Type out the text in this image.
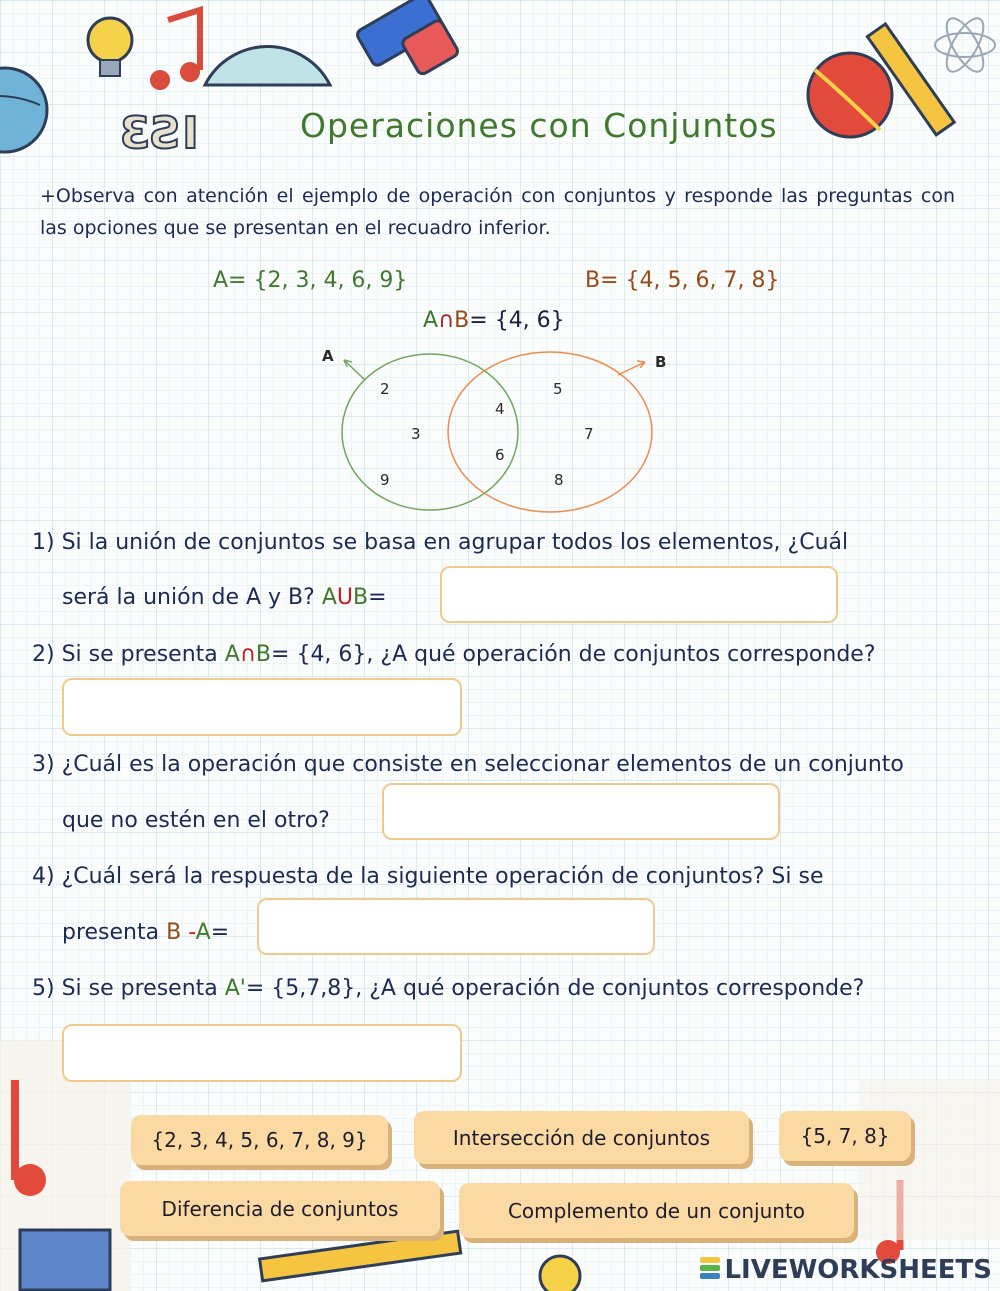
ƐƧI	Operaciones con Conjuntos
+Observa con atención el ejemplo de operación con conjuntos y responde las preguntas con las opciones que se presentan en el recuadro inferior.
A= {2, 3, 4, 6, 9}	B= {4, 5, 6, 7, 8}
A∩B= {4, 6}
A	B
2
3
9
4
6
5
7
8
1) Si la unión de conjuntos se basa en agrupar todos los elementos, ¿Cuál
será la unión de A y B? AUB=
2) Si se presenta A∩B= {4, 6}, ¿A qué operación de conjuntos corresponde?
3) ¿Cuál es la operación que consiste en seleccionar elementos de un conjunto
que no estén en el otro?
4) ¿Cuál será la respuesta de la siguiente operación de conjuntos? Si se
presenta B -A=
5) Si se presenta A'= {5,7,8}, ¿A qué operación de conjuntos corresponde?
{2, 3, 4, 5, 6, 7, 8, 9}	Intersección de conjuntos	{5, 7, 8}
Diferencia de conjuntos	Complemento de un conjunto
LIVEWORKSHEETS
